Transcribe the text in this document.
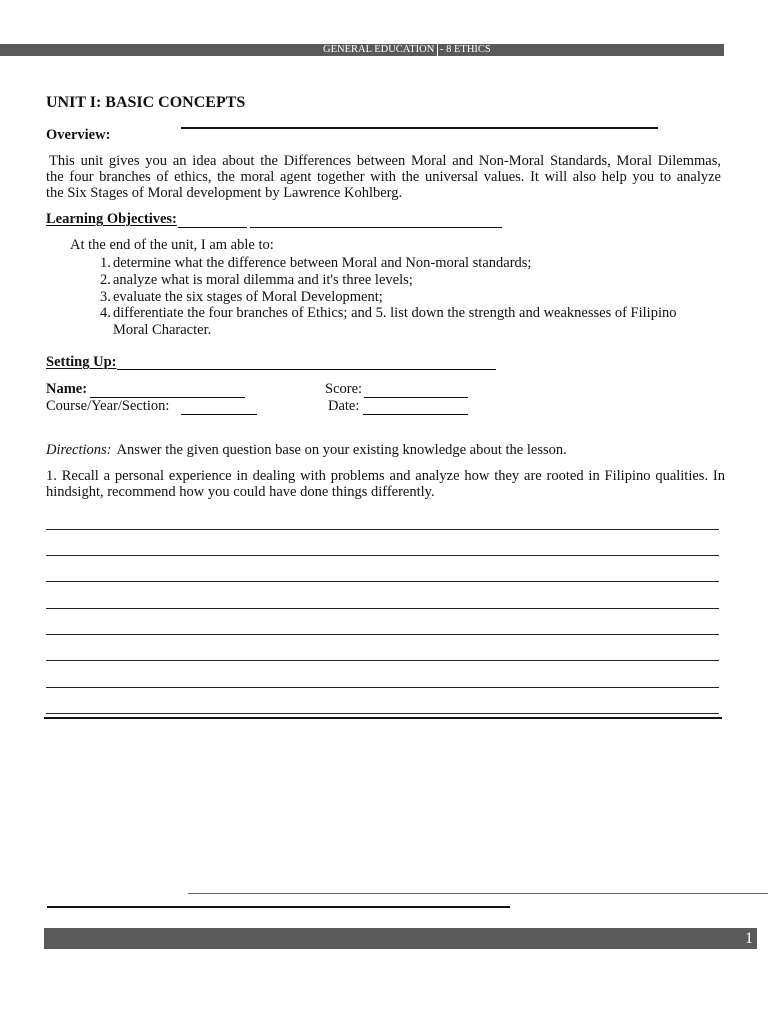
GENERAL EDUCATION - 8 ETHICS
UNIT I: BASIC CONCEPTS
Overview:
This unit gives you an idea about the Differences between Moral and Non-Moral Standards, Moral Dilemmas,
the four branches of ethics, the moral agent together with the universal values. It will also help you to analyze
the Six Stages of Moral development by Lawrence Kohlberg.
Learning Objectives:
At the end of the unit, I am able to:
1. determine what the difference between Moral and Non-moral standards;
2. analyze what is moral dilemma and it's three levels;
3. evaluate the six stages of Moral Development;
4. differentiate the four branches of Ethics; and 5. list down the strength and weaknesses of Filipino
Moral Character.
Setting Up:
Name:	Score:
Course/Year/Section:	Date:
Directions: Answer the given question base on your existing knowledge about the lesson.
1. Recall a personal experience in dealing with problems and analyze how they are rooted in Filipino qualities. In
hindsight, recommend how you could have done things differently.
1
